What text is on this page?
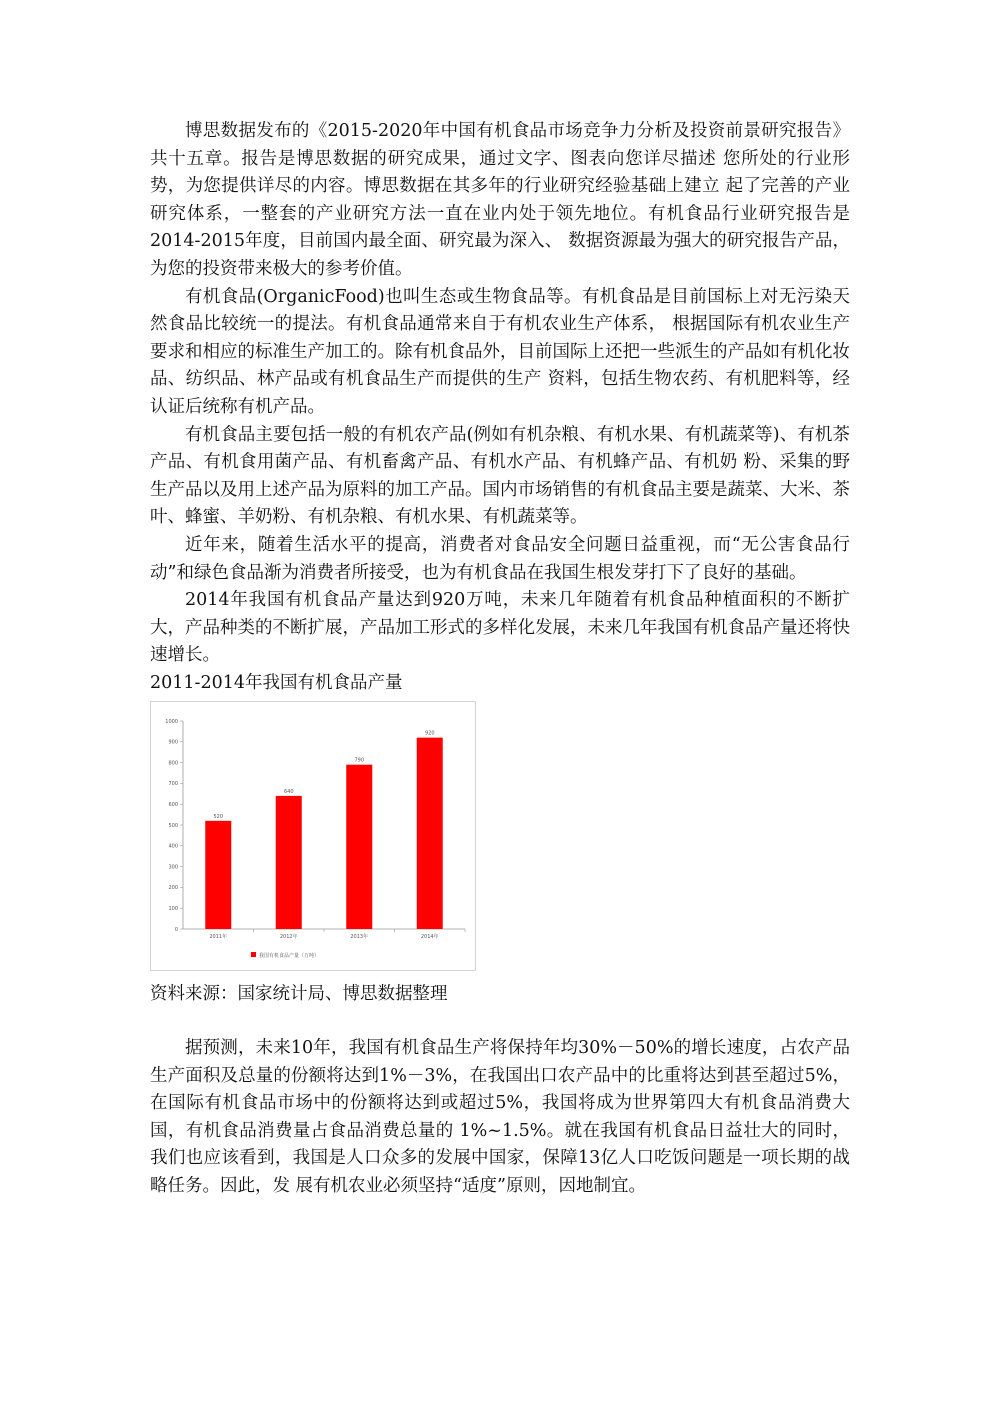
博思数据发布的《2015-2020年中国有机食品市场竞争力分析及投资前景研究报告》共十五章。报告是博思数据的研究成果，通过文字、图表向您详尽描述 您所处的行业形势，为您提供详尽的内容。博思数据在其多年的行业研究经验基础上建立 起了完善的产业研究体系，一整套的产业研究方法一直在业内处于领先地位。有机食品行业研究报告是2014-2015年度，目前国内最全面、研究最为深入、 数据资源最为强大的研究报告产品，为您的投资带来极大的参考价值。

有机食品(OrganicFood)也叫生态或生物食品等。有机食品是目前国标上对无污染天然食品比较统一的提法。有机食品通常来自于有机农业生产体系， 根据国际有机农业生产要求和相应的标准生产加工的。除有机食品外，目前国际上还把一些派生的产品如有机化妆品、纺织品、林产品或有机食品生产而提供的生产 资料，包括生物农药、有机肥料等，经认证后统称有机产品。

有机食品主要包括一般的有机农产品(例如有机杂粮、有机水果、有机蔬菜等)、有机茶产品、有机食用菌产品、有机畜禽产品、有机水产品、有机蜂产品、有机奶 粉、采集的野生产品以及用上述产品为原料的加工产品。国内市场销售的有机食品主要是蔬菜、大米、茶叶、蜂蜜、羊奶粉、有机杂粮、有机水果、有机蔬菜等。

近年来，随着生活水平的提高，消费者对食品安全问题日益重视，而“无公害食品行动”和绿色食品渐为消费者所接受，也为有机食品在我国生根发芽打下了良好的基础。

2014年我国有机食品产量达到920万吨，未来几年随着有机食品种植面积的不断扩大，产品种类的不断扩展，产品加工形式的多样化发展，未来几年我国有机食品产量还将快速增长。

2011-2014年我国有机食品产量

0
100
200
300
400
500
600
700
800
900
1000
520
2011年
640
2012年
790
2013年
920
2014年
我国有机食品产量（万吨）

资料来源：国家统计局、博思数据整理

据预测，未来10年，我国有机食品生产将保持年均30%－50%的增长速度，占农产品生产面积及总量的份额将达到1%－3%，在我国出口农产品中的比重将达到甚至超过5%，在国际有机食品市场中的份额将达到或超过5%，我国将成为世界第四大有机食品消费大国，有机食品消费量占食品消费总量的 1%~1.5%。就在我国有机食品日益壮大的同时，我们也应该看到，我国是人口众多的发展中国家，保障13亿人口吃饭问题是一项长期的战略任务。因此，发 展有机农业必须坚持“适度”原则，因地制宜。
